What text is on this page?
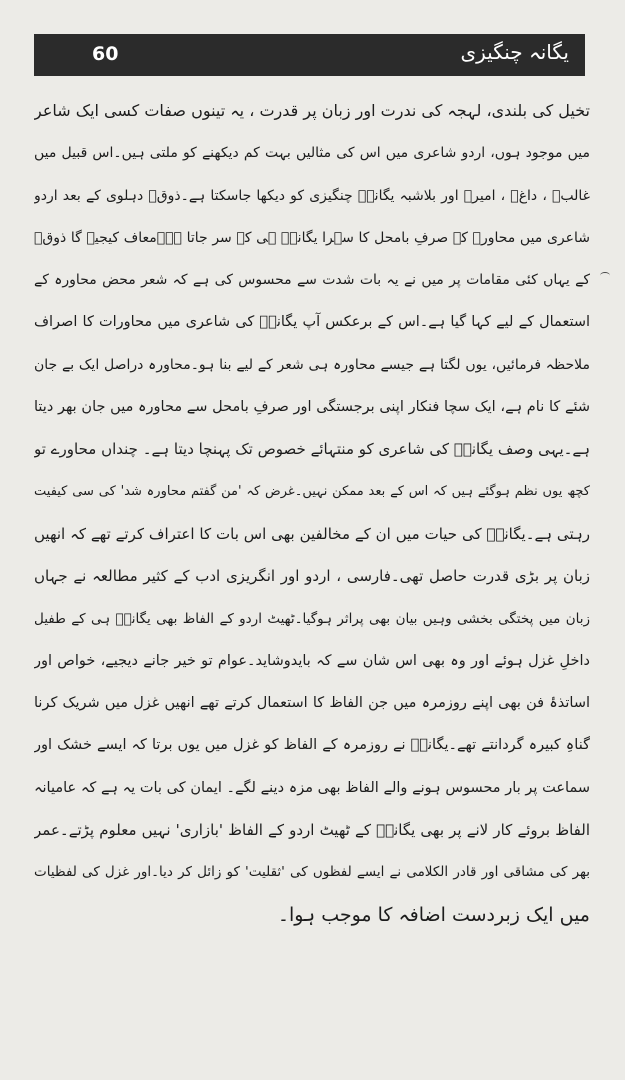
60	یگانہ چنگیزی
تخیل کی بلندی، لہجہ کی ندرت اور زبان پر قدرت ، یہ تینوں صفات کسی ایک شاعر
میں موجود ہوں، اردو شاعری میں اس کی مثالیں بہت کم دیکھنے کو ملتی ہیں۔اس قبیل میں
غالبؔ ، داغؔ ، امیرؔ اور بلاشبہ یگانہؔ چنگیزی کو دیکھا جاسکتا ہے۔ذوقؔ دہلوی کے بعد اردو
شاعری میں محاورے کے صرفِ بامحل کا سہرا یگانہؔ ہی کے سر جاتا ہے۔معاف کیجیے گا ذوقؔ
کے یہاں کئی مقامات پر میں نے یہ بات شدت سے محسوس کی ہے کہ شعر محض محاورہ کے
استعمال کے لیے کہا گیا ہے۔اس کے برعکس آپ یگانہؔ کی شاعری میں محاورات کا اصراف
ملاحظہ فرمائیں، یوں لگتا ہے جیسے محاورہ ہی شعر کے لیے بنا ہو۔محاورہ دراصل ایک بے جان
شئے کا نام ہے، ایک سچا فنکار اپنی برجستگی اور صرفِ بامحل سے محاورہ میں جان بھر دیتا
ہے۔یہی وصف یگانہؔ کی شاعری کو منتہائے خصوص تک پہنچا دیتا ہے۔ چنداں محاورے تو
کچھ یوں نظم ہوگئے ہیں کہ اس کے بعد ممکن نہیں۔غرض کہ 'من گفتم محاورہ شد' کی سی کیفیت
رہتی ہے۔یگانہؔ کی حیات میں ان کے مخالفین بھی اس بات کا اعتراف کرتے تھے کہ انھیں
زبان پر بڑی قدرت حاصل تھی۔فارسی ، اردو اور انگریزی ادب کے کثیر مطالعہ نے جہاں
زبان میں پختگی بخشی وہیں بیان بھی پراثر ہوگیا۔ٹھیٹ اردو کے الفاظ بھی یگانہؔ ہی کے طفیل
داخلِ غزل ہوئے اور وہ بھی اس شان سے کہ بایدوشاید۔عوام تو خیر جانے دیجیے، خواص اور
اساتذۂ فن بھی اپنے روزمرہ میں جن الفاظ کا استعمال کرتے تھے انھیں غزل میں شریک کرنا
گناہِ کبیرہ گردانتے تھے۔یگانہؔ نے روزمرہ کے الفاظ کو غزل میں یوں برتا کہ ایسے خشک اور
سماعت پر بار محسوس ہونے والے الفاظ بھی مزہ دینے لگے۔ ایمان کی بات یہ ہے کہ عامیانہ
الفاظ بروئے کار لانے پر بھی یگانہؔ کے ٹھیٹ اردو کے الفاظ 'بازاری' نہیں معلوم پڑتے۔عمر
بھر کی مشاقی اور قادر الکلامی نے ایسے لفظوں کی 'ثقلیت' کو زائل کر دیا۔اور غزل کی لفظیات
میں ایک زبردست اضافہ کا موجب ہوا۔
